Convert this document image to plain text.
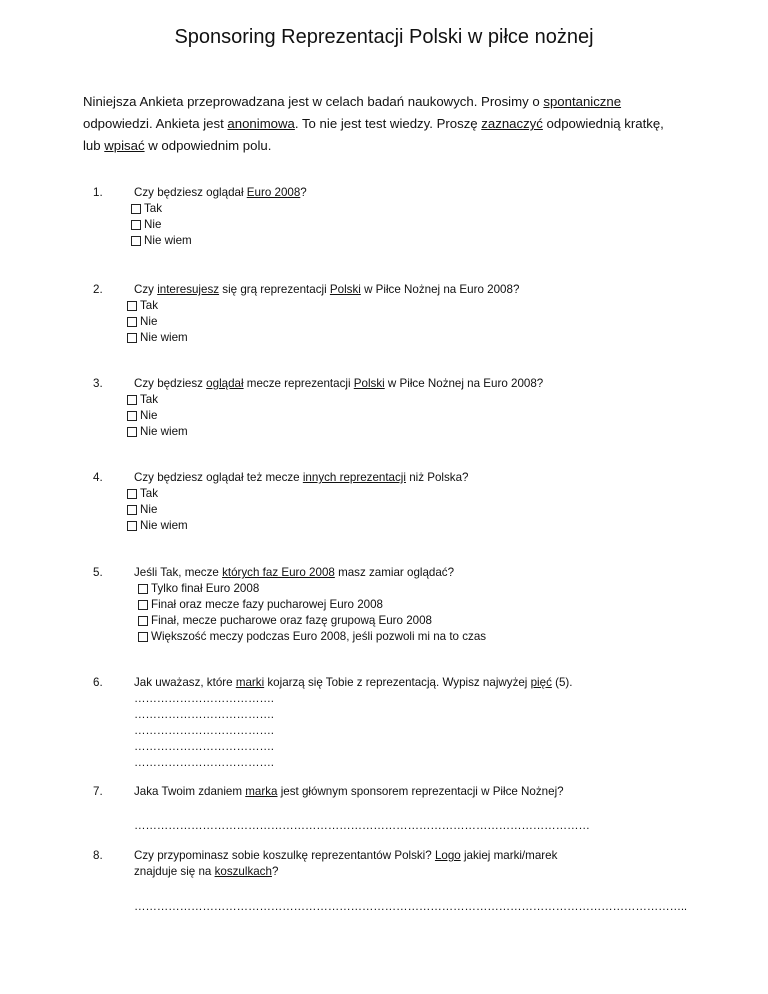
Sponsoring Reprezentacji Polski w piłce nożnej
Niniejsza Ankieta przeprowadzana jest w celach badań naukowych. Prosimy o spontaniczne odpowiedzi. Ankieta jest anonimowa. To nie jest test wiedzy. Proszę zaznaczyć odpowiednią kratkę, lub wpisać w odpowiednim polu.
1.	Czy będziesz oglądał Euro 2008?
Tak
Nie
Nie wiem
2.	Czy interesujesz się grą reprezentacji Polski w Piłce Nożnej na Euro 2008?
Tak
Nie
Nie wiem
3.	Czy będziesz oglądał mecze reprezentacji Polski w Piłce Nożnej na Euro 2008?
Tak
Nie
Nie wiem
4.	Czy będziesz oglądał też mecze innych reprezentacji niż Polska?
Tak
Nie
Nie wiem
5.	Jeśli Tak, mecze których faz Euro 2008 masz zamiar oglądać?
Tylko finał Euro 2008
Finał oraz mecze fazy pucharowej Euro 2008
Finał, mecze pucharowe oraz fazę grupową Euro 2008
Większość meczy podczas Euro 2008, jeśli pozwoli mi na to czas
6.	Jak uważasz, które marki kojarzą się Tobie z reprezentacją. Wypisz najwyżej pięć (5).
……………………………….
……………………………….
……………………………….
……………………………….
……………………………….
7.	Jaka Twoim zdaniem marka jest głównym sponsorem reprezentacji w Piłce Nożnej?
…………………………………………………………………………………………………………
8.	Czy przypominasz sobie koszulkę reprezentantów Polski? Logo jakiej marki/marek znajduje się na koszulkach?
………………………………………………………………………………………………………………………………..
